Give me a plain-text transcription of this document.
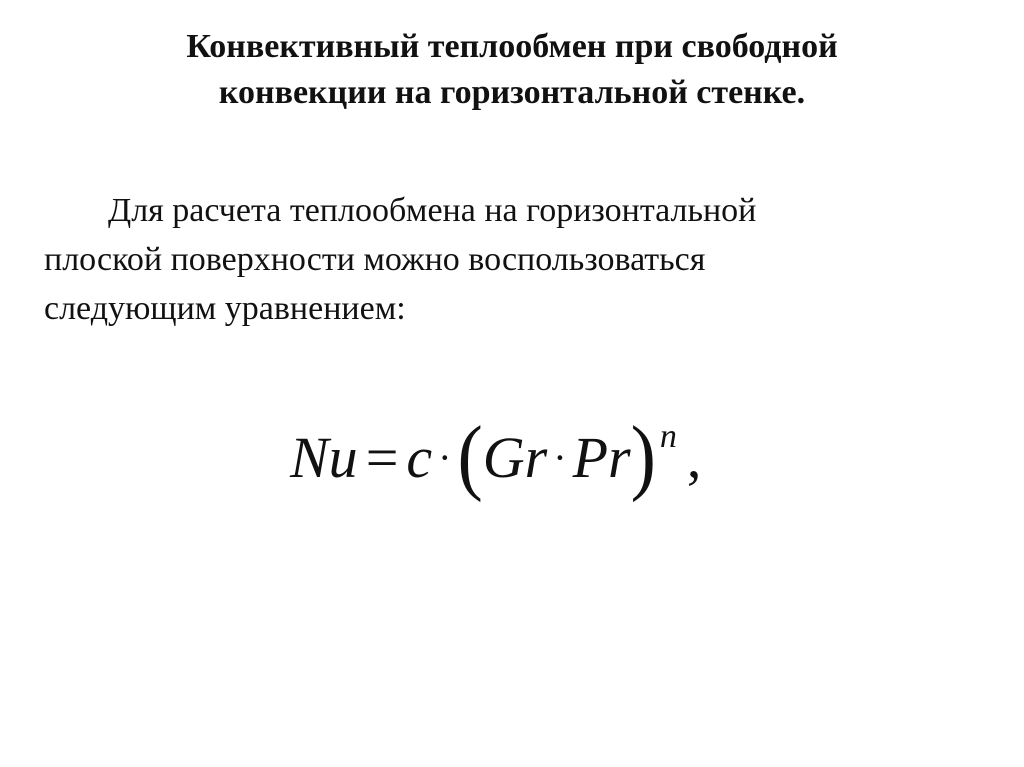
Конвективный теплообмен при свободной
конвекции на горизонтальной стенке.

Для расчета теплообмена на горизонтальной
плоской поверхности можно воспользоваться
следующим уравнением:

Nu = c ·(Gr · Pr) $^n$ ,
